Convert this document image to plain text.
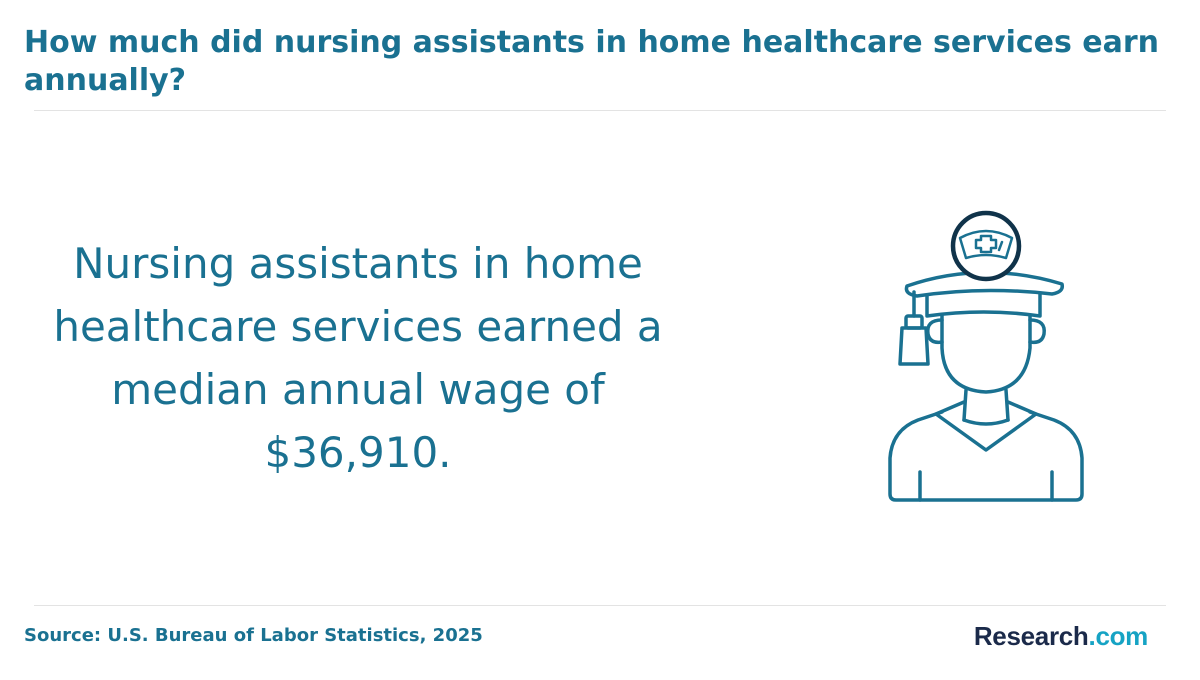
How much did nursing assistants in home healthcare services earn annually?
Nursing assistants in home healthcare services earned a median annual wage of $36,910.
Source: U.S. Bureau of Labor Statistics, 2025	Research.com
